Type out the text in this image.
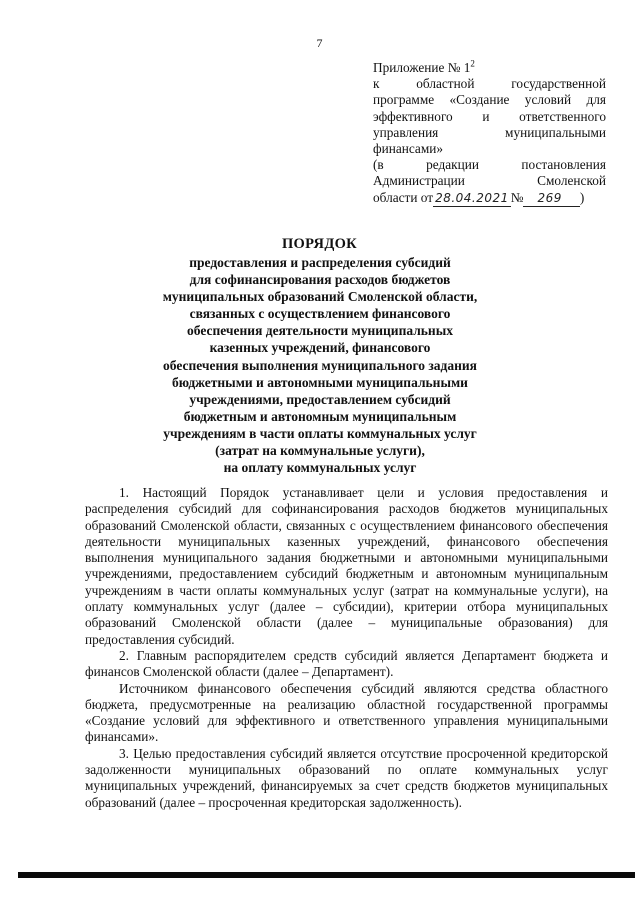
7
Приложение № $1^2$
к областной государственной
программе «Создание условий для
эффективного и ответственного
управления муниципальными
финансами»
(в редакции постановления
Администрации Смоленской
области от 28.04.2021 №	269	)
ПОРЯДОК
предоставления и распределения субсидий
для софинансирования расходов бюджетов
муниципальных образований Смоленской области,
связанных с осуществлением финансового
обеспечения деятельности муниципальных
казенных учреждений, финансового
обеспечения выполнения муниципального задания
бюджетными и автономными муниципальными
учреждениями, предоставлением субсидий
бюджетным и автономным муниципальным
учреждениям в части оплаты коммунальных услуг
(затрат на коммунальные услуги),
на оплату коммунальных услуг

1. Настоящий Порядок устанавливает цели и условия предоставления и распределения субсидий для софинансирования расходов бюджетов муниципальных образований Смоленской области, связанных с осуществлением финансового обеспечения деятельности муниципальных казенных учреждений, финансового обеспечения выполнения муниципального задания бюджетными и автономными муниципальными учреждениями, предоставлением субсидий бюджетным и автономным муниципальным учреждениям в части оплаты коммунальных услуг (затрат на коммунальные услуги), на оплату коммунальных услуг (далее – субсидии), критерии отбора муниципальных образований Смоленской области (далее – муниципальные образования) для предоставления субсидий.

2. Главным распорядителем средств субсидий является Департамент бюджета и финансов Смоленской области (далее – Департамент).

Источником финансового обеспечения субсидий являются средства областного бюджета, предусмотренные на реализацию областной государственной программы «Создание условий для эффективного и ответственного управления муниципальными финансами».

3. Целью предоставления субсидий является отсутствие просроченной кредиторской задолженности муниципальных образований по оплате коммунальных услуг муниципальных учреждений, финансируемых за счет средств бюджетов муниципальных образований (далее – просроченная кредиторская задолженность).
